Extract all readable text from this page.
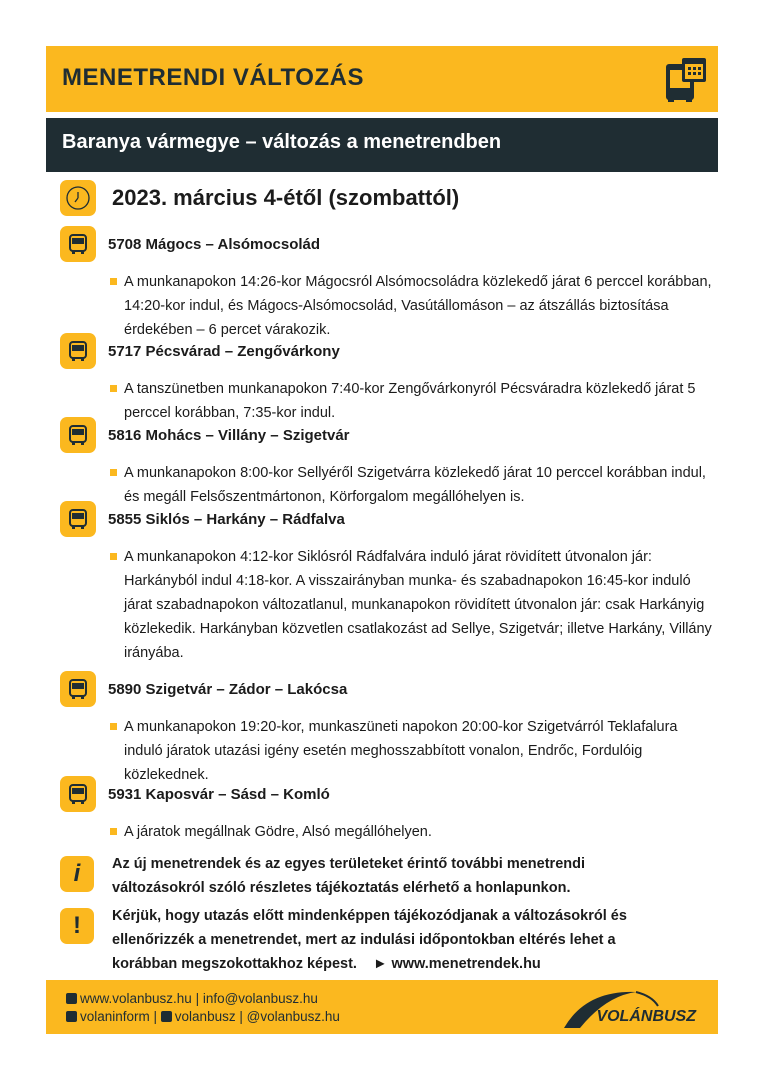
MENETRENDI VÁLTOZÁS
Baranya vármegye – változás a menetrendben
2023. március 4-étől (szombattól)
5708 Mágocs – Alsómocsolád
A munkanapokon 14:26-kor Mágocsról Alsómocsoládra közlekedő járat 6 perccel korábban, 14:20-kor indul, és Mágocs-Alsómocsolád, Vasútállomáson – az átszállás biztosítása érdekében – 6 percet várakozik.
5717 Pécsvárad – Zengővárkony
A tanszünetben munkanapokon 7:40-kor Zengővárkonyról Pécsváradra közlekedő járat 5 perccel korábban, 7:35-kor indul.
5816 Mohács – Villány – Szigetvár
A munkanapokon 8:00-kor Sellyéről Szigetvárra közlekedő járat 10 perccel korábban indul, és megáll Felsőszentmártonon, Körforgalom megállóhelyen is.
5855 Siklós – Harkány – Rádfalva
A munkanapokon 4:12-kor Siklósról Rádfalvára induló járat rövidített útvonalon jár: Harkányból indul 4:18-kor. A visszairányban munka- és szabadnapokon 16:45-kor induló járat szabadnapokon változatlanul, munkanapokon rövidített útvonalon jár: csak Harkányig közlekedik. Harkányban közvetlen csatlakozást ad Sellye, Szigetvár; illetve Harkány, Villány irányába.
5890 Szigetvár – Zádor – Lakócsa
A munkanapokon 19:20-kor, munkaszüneti napokon 20:00-kor Szigetvárról Teklafalura induló járatok utazási igény esetén meghosszabbított vonalon, Endrőc, Fordulóig közlekednek.
5931 Kaposvár – Sásd – Komló
A járatok megállnak Gödre, Alsó megállóhelyen.
i	Az új menetrendek és az egyes területeket érintő további menetrendi változásokról szóló részletes tájékoztatás elérhető a honlapunkon.
!	Kérjük, hogy utazás előtt mindenképpen tájékozódjanak a változásokról és ellenőrizzék a menetrendet, mert az indulási időpontokban eltérés lehet a korábban megszokottakhoz képest. ► www.menetrendek.hu
www.volanbusz.hu | info@volanbusz.hu
volaninform | volanbusz | @volanbusz.hu	VOLÁNBUSZ
